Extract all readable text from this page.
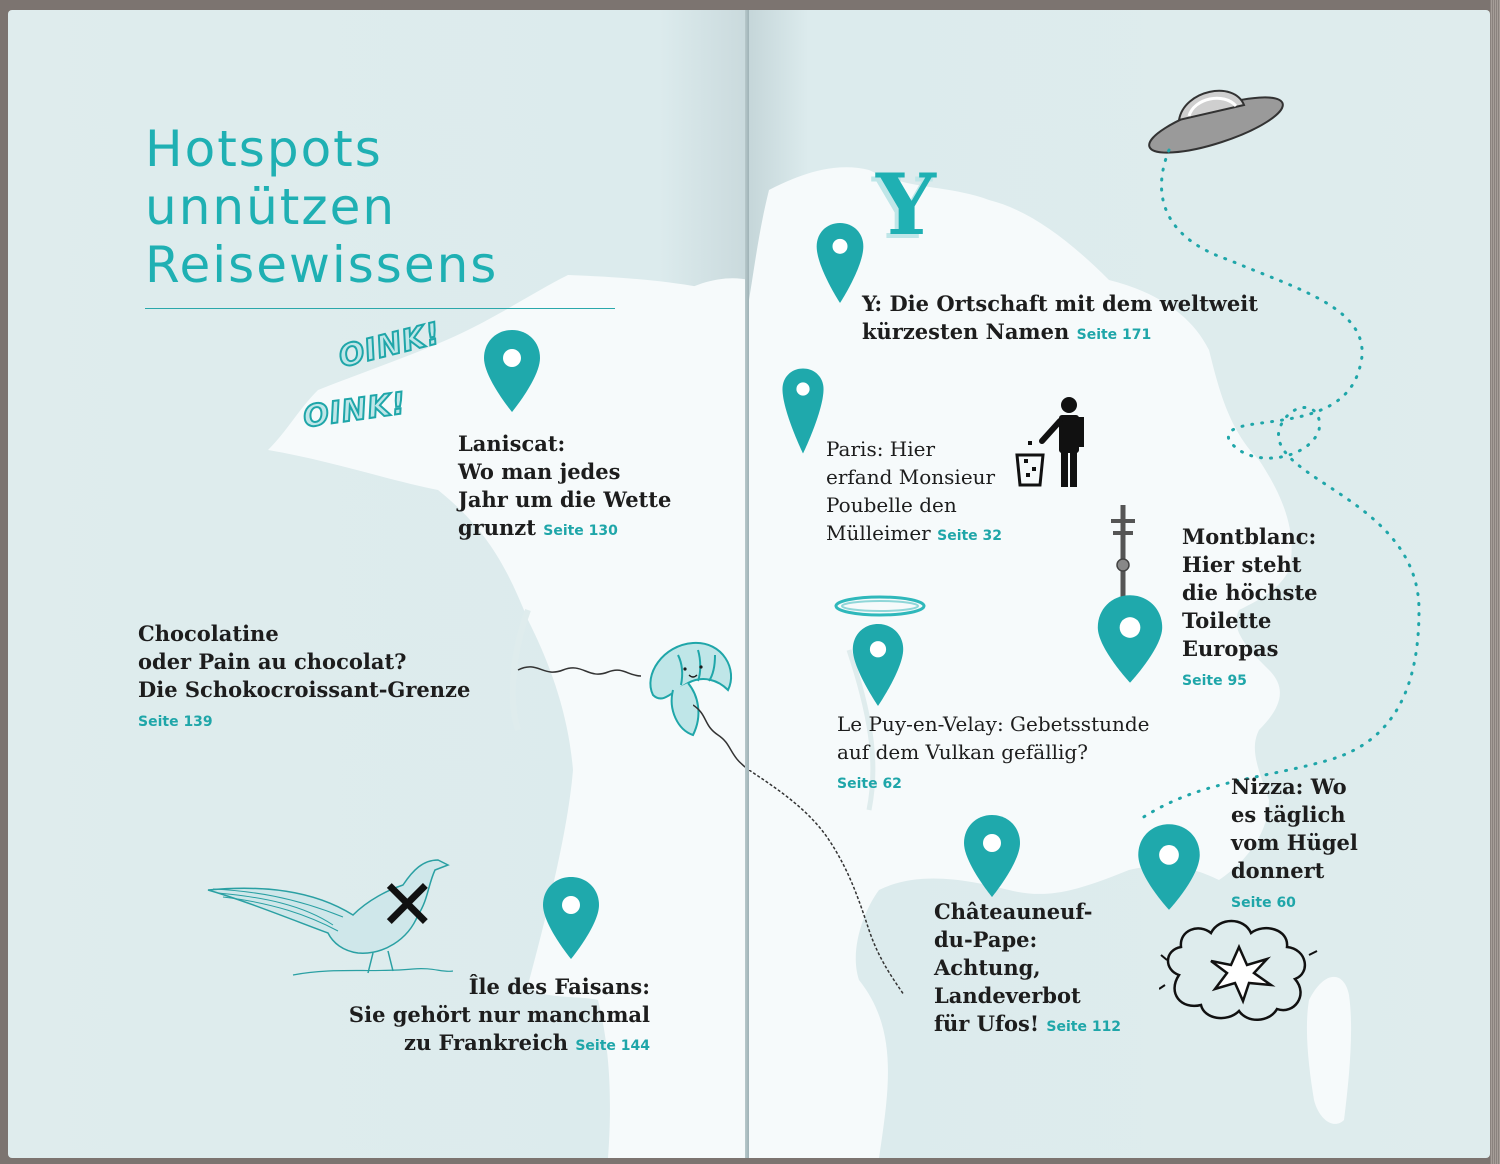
Hotspots
unnützen
Reisewissens
OINK!
OINK!
Laniscat:
Wo man jedes
Jahr um die Wette
grunzt Seite 130
Chocolatine
oder Pain au chocolat?
Die Schokocroissant-Grenze
Seite 139
✕
Île des Faisans:
Sie gehört nur manchmal
zu Frankreich Seite 144
Y
Y: Die Ortschaft mit dem weltweit
kürzesten Namen Seite 171
Paris: Hier
erfand Monsieur
Poubelle den
Mülleimer Seite 32	Montblanc:
Hier steht
die höchste
Toilette
Europas
Seite 95
Le Puy-en-Velay: Gebetsstunde
auf dem Vulkan gefällig?
Seite 62
Châteauneuf-
du-Pape:
Achtung,
Landeverbot
für Ufos! Seite 112
Nizza: Wo
es täglich
vom Hügel
donnert
Seite 60
